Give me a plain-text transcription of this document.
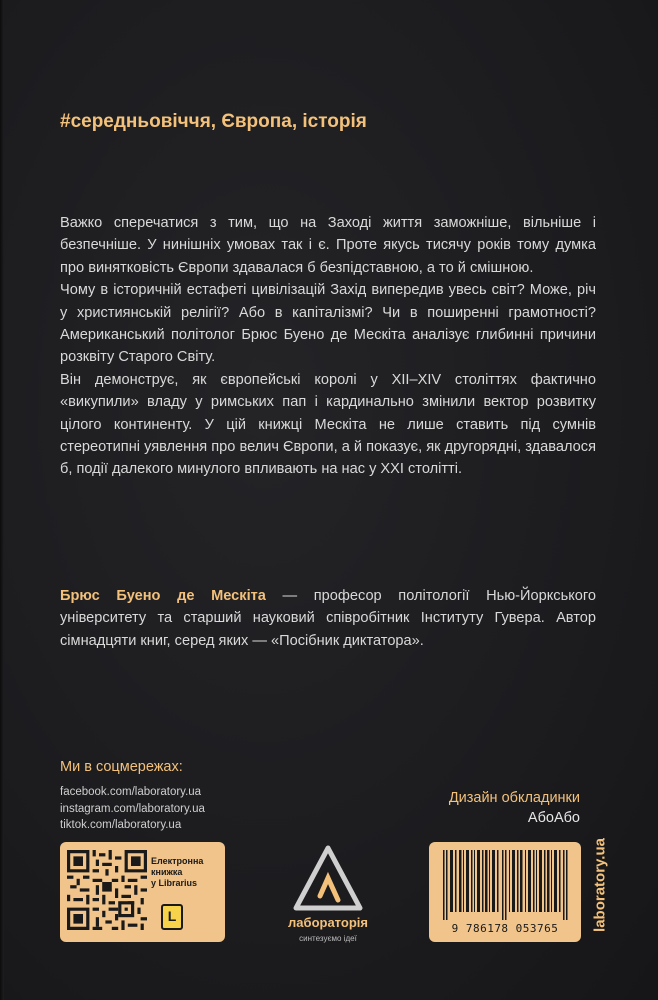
#середньовіччя, Європа, історія

Важко сперечатися з тим, що на Заході життя заможніше, вільніше і безпечніше. У нинішніх умовах так і є. Проте якусь тисячу років тому думка про винятковість Європи здавалася б безпідставною, а то й смішною.

Чому в історичній естафеті цивілізацій Захід випередив увесь світ? Може, річ у християнській релігії? Або в капіталізмі? Чи в поширенні грамотності? Американський політолог Брюс Буено де Мескіта аналізує глибинні причини розквіту Старого Світу.

Він демонструє, як європейські королі у XII–XIV століттях фактично «викупили» владу у римських пап і кардинально змінили вектор розвитку цілого континенту. У цій книжці Мескіта не лише ставить під сумнів стереотипні уявлення про велич Європи, а й показує, як другорядні, здавалося б, події далекого минулого впливають на нас у XXI столітті.

Брюс Буено де Мескіта — професор політології Нью-Йоркського університету та старший науковий співробітник Інституту Гувера. Автор сімнадцяти книг, серед яких — «Посібник диктатора».
Ми в соцмережах:
facebook.com/laboratory.ua
instagram.com/laboratory.ua
tiktok.com/laboratory.ua
Електронна
книжка
у Librarius
L	лабораторія
синтезуємо ідеї
Дизайн обкладинки
АбоАбо
9 786178 053765	laboratory.ua
